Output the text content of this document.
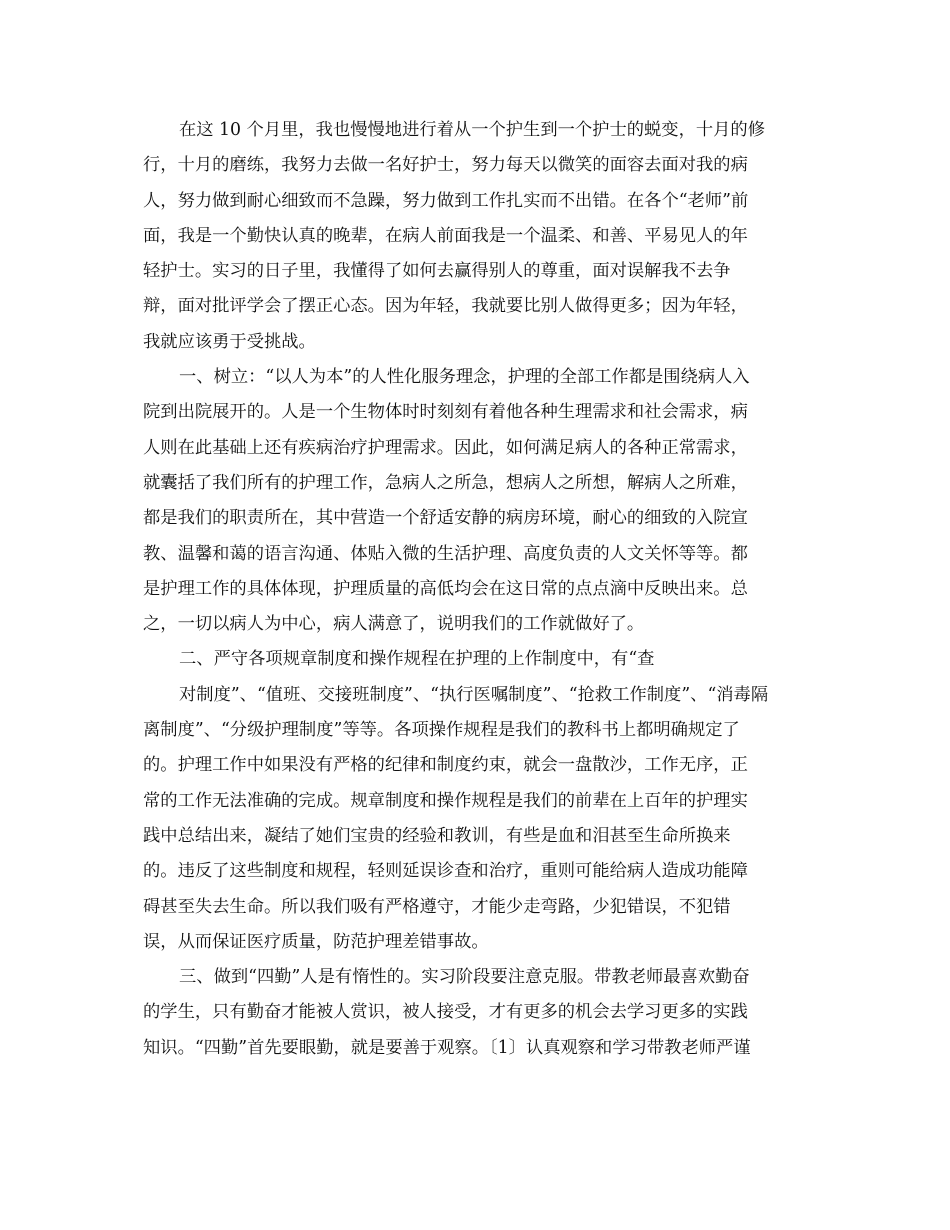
在这 10 个月里，我也慢慢地进行着从一个护生到一个护士的蜕变，十月的修
行，十月的磨练，我努力去做一名好护士，努力每天以微笑的面容去面对我的病
人，努力做到耐心细致而不急躁，努力做到工作扎实而不出错。在各个“老师”前
面，我是一个勤快认真的晚辈，在病人前面我是一个温柔、和善、平易见人的年
轻护士。实习的日子里，我懂得了如何去赢得别人的尊重，面对误解我不去争
辩，面对批评学会了摆正心态。因为年轻，我就要比别人做得更多；因为年轻，
我就应该勇于受挑战。
一、树立：“以人为本”的人性化服务理念，护理的全部工作都是围绕病人入
院到出院展开的。人是一个生物体时时刻刻有着他各种生理需求和社会需求，病
人则在此基础上还有疾病治疗护理需求。因此，如何满足病人的各种正常需求，
就囊括了我们所有的护理工作，急病人之所急，想病人之所想，解病人之所难，
都是我们的职责所在，其中营造一个舒适安静的病房环境，耐心的细致的入院宣
教、温馨和蔼的语言沟通、体贴入微的生活护理、高度负责的人文关怀等等。都
是护理工作的具体体现，护理质量的高低均会在这日常的点点滴中反映出来。总
之，一切以病人为中心，病人满意了，说明我们的工作就做好了。
二、严守各项规章制度和操作规程在护理的上作制度中，有“查
对制度”、“值班、交接班制度”、“执行医嘱制度”、“抢救工作制度”、“消毒隔
离制度”、“分级护理制度”等等。各项操作规程是我们的教科书上都明确规定了
的。护理工作中如果没有严格的纪律和制度约束，就会一盘散沙，工作无序，正
常的工作无法准确的完成。规章制度和操作规程是我们的前辈在上百年的护理实
践中总结出来，凝结了她们宝贵的经验和教训，有些是血和泪甚至生命所换来
的。违反了这些制度和规程，轻则延误诊查和治疗，重则可能给病人造成功能障
碍甚至失去生命。所以我们吸有严格遵守，才能少走弯路，少犯错误，不犯错
误，从而保证医疗质量，防范护理差错事故。
三、做到“四勤”人是有惰性的。实习阶段要注意克服。带教老师最喜欢勤奋
的学生，只有勤奋才能被人赏识，被人接受，才有更多的机会去学习更多的实践
知识。“四勤”首先要眼勤，就是要善于观察。〔1〕认真观察和学习带教老师严谨
